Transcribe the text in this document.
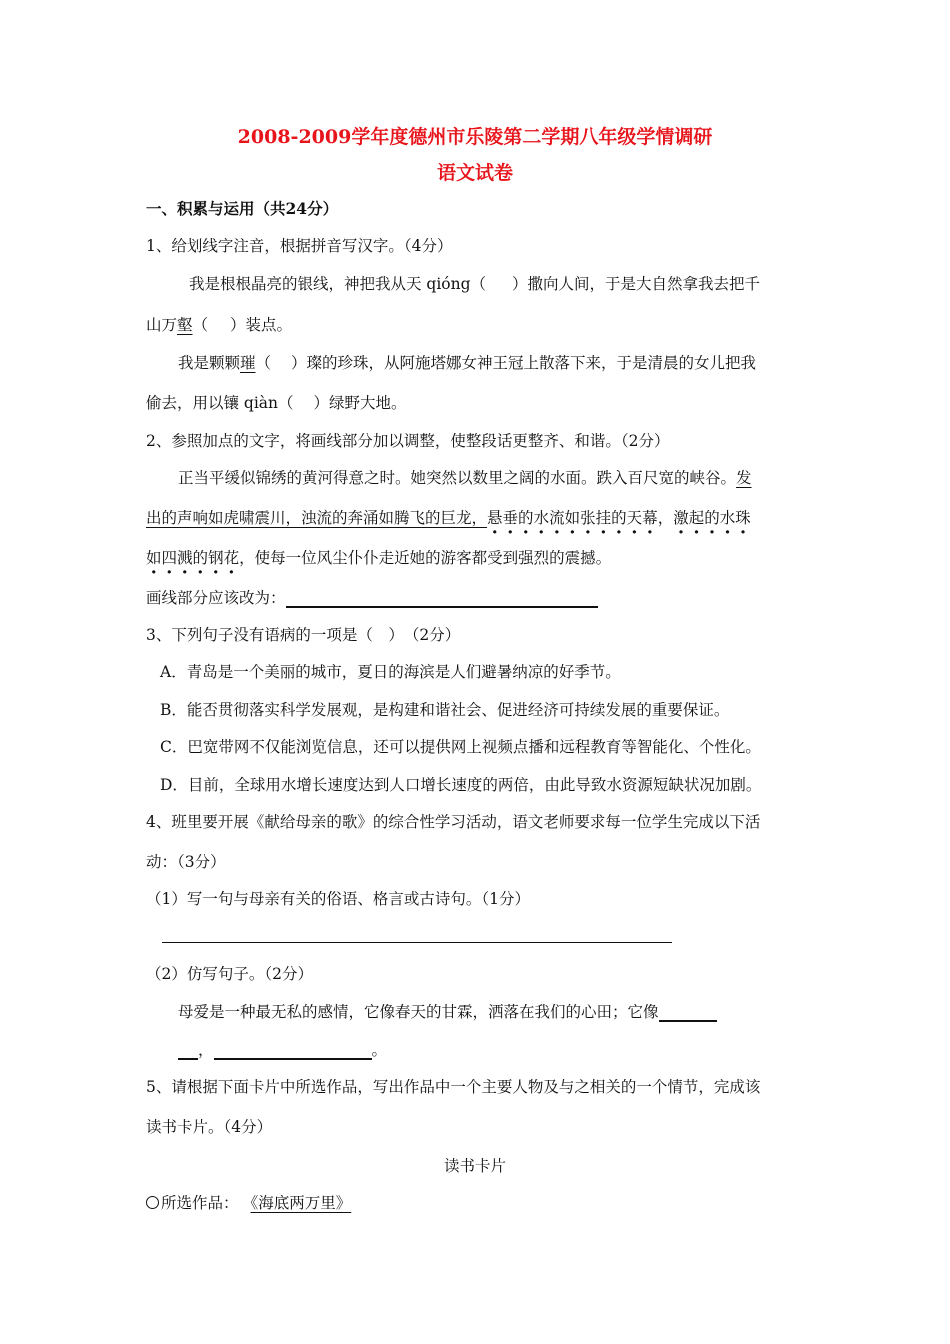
2008-2009学年度德州市乐陵第二学期八年级学情调研
语文试卷
一、积累与运用（共24分）
1、给划线字注音，根据拼音写汉字。（4分）
我是根根晶亮的银线，神把我从天 qióng（ ）撒向人间，于是大自然拿我去把千
山万壑（ ）装点。
我是颗颗璀（ ）璨的珍珠，从阿施塔娜女神王冠上散落下来，于是清晨的女儿把我
偷去，用以镶 qiàn（ ）绿野大地。
2、参照加点的文字，将画线部分加以调整，使整段话更整齐、和谐。（2分）
正当平缓似锦绣的黄河得意之时。她突然以数里之阔的水面。跌入百尺宽的峡谷。发
出的声响如虎啸震川，浊流的奔涌如腾飞的巨龙，悬垂的水流如张挂的天幕，激起的水珠
如四溅的钢花，使每一位风尘仆仆走近她的游客都受到强烈的震撼。
画线部分应该改为：
3、下列句子没有语病的一项是（　）　（2分）
A．青岛是一个美丽的城市，夏日的海滨是人们避暑纳凉的好季节。
B．能否贯彻落实科学发展观，是构建和谐社会、促进经济可持续发展的重要保证。
C．巴宽带网不仅能浏览信息，还可以提供网上视频点播和远程教育等智能化、个性化。
D．目前，全球用水增长速度达到人口增长速度的两倍，由此导致水资源短缺状况加剧。
4、班里要开展《献给母亲的歌》的综合性学习活动，语文老师要求每一位学生完成以下活
动：（3分）
（1）写一句与母亲有关的俗语、格言或古诗句。（1分）
（2）仿写句子。（2分）
母爱是一种最无私的感情，它像春天的甘霖，洒落在我们的心田；它像
，	。
5、请根据下面卡片中所选作品，写出作品中一个主要人物及与之相关的一个情节，完成该
读书卡片。（4分）
读书卡片
所选作品： 《海底两万里》
